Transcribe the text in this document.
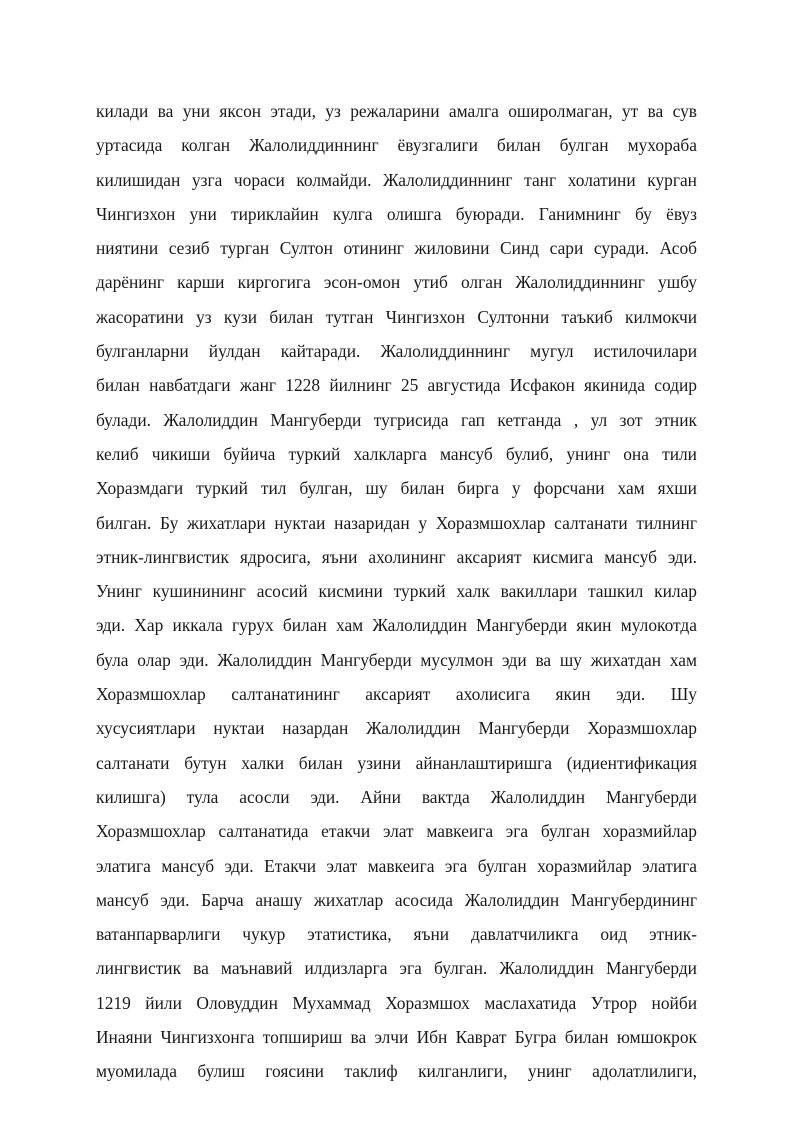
килади ва уни яксон этади, уз режаларини амалга оширолмаган, ут ва сув
уртасида колган Жалолиддиннинг ёвузгалиги билан булган мухораба
килишидан узга чораси колмайди. Жалолиддиннинг танг холатини курган
Чингизхон уни тириклайин кулга олишга буюради. Ганимнинг бу ёвуз
ниятини сезиб турган Султон отининг жиловини Синд сари суради. Асоб
дарёнинг карши киргогига эсон-омон утиб олган Жалолиддиннинг ушбу
жасоратини уз кузи билан тутган Чингизхон Султонни таъкиб килмокчи
булганларни йулдан кайтаради. Жалолиддиннинг мугул истилочилари
билан навбатдаги жанг 1228 йилнинг 25 августида Исфакон якинида содир
булади. Жалолиддин Мангуберди тугрисида гап кетганда , ул зот этник
келиб чикиши буйича туркий халкларга мансуб булиб, унинг она тили
Хоразмдаги туркий тил булган, шу билан бирга у форсчани хам яхши
билган. Бу жихатлари нуктаи назаридан у Хоразмшохлар салтанати тилнинг
этник-лингвистик ядросига, яъни ахолининг аксарият кисмига мансуб эди.
Унинг кушинининг асосий кисмини туркий халк вакиллари ташкил килар
эди. Хар иккала гурух билан хам Жалолиддин Мангуберди якин мулокотда
була олар эди. Жалолиддин Мангуберди мусулмон эди ва шу жихатдан хам
Хоразмшохлар салтанатининг аксарият ахолисига якин эди. Шу
хусусиятлари нуктаи назардан Жалолиддин Мангуберди Хоразмшохлар
салтанати бутун халки билан узини айнанлаштиришга (идиентификация
килишга) тула асосли эди. Айни вактда Жалолиддин Мангуберди
Хоразмшохлар салтанатида етакчи элат мавкеига эга булган хоразмийлар
элатига мансуб эди. Етакчи элат мавкеига эга булган хоразмийлар элатига
мансуб эди. Барча анашу жихатлар асосида Жалолиддин Мангубердининг
ватанпарварлиги чукур этатистика, яъни давлатчиликга оид этник-
лингвистик ва маънавий илдизларга эга булган. Жалолиддин Мангуберди
1219 йили Оловуддин Мухаммад Хоразмшох маслахатида Утрор нойби
Инаяни Чингизхонга топшириш ва элчи Ибн Каврат Бугра билан юмшокрок
муомилада булиш гоясини таклиф килганлиги, унинг адолатлилиги,
